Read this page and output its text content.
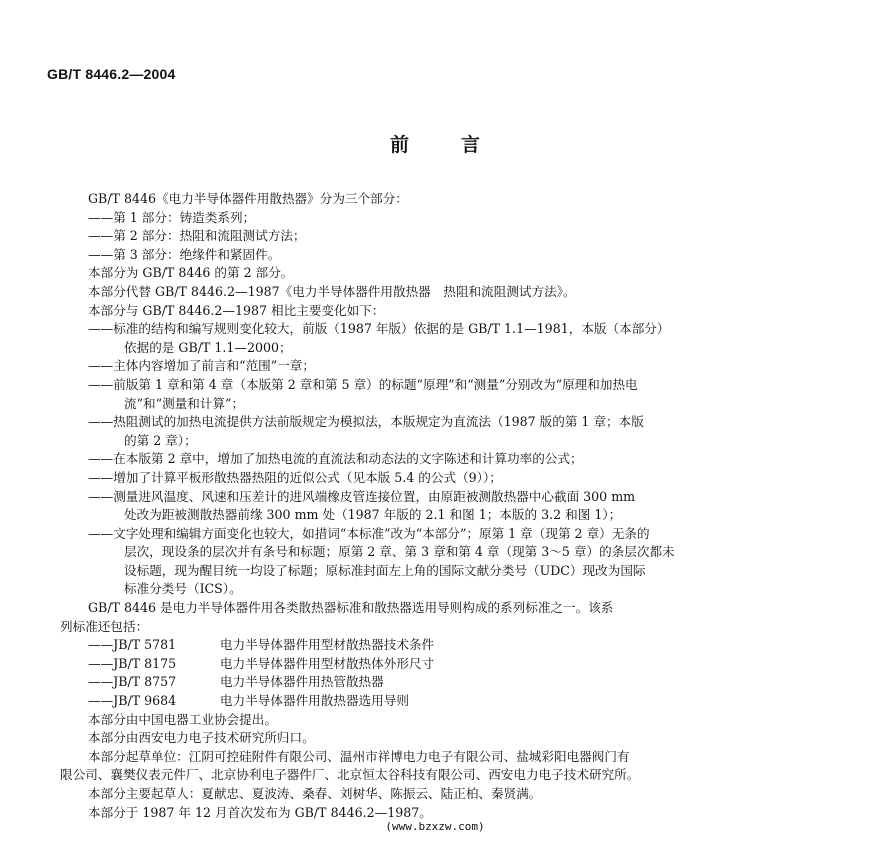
GB/T 8446.2—2004
前言

GB/T 8446《电力半导体器件用散热器》分为三个部分：

——第 1 部分：铸造类系列；

——第 2 部分：热阻和流阻测试方法；

——第 3 部分：绝缘件和紧固件。

本部分为 GB/T 8446 的第 2 部分。

本部分代替 GB/T 8446.2—1987《电力半导体器件用散热器　热阻和流阻测试方法》。

本部分与 GB/T 8446.2—1987 相比主要变化如下：

——标准的结构和编写规则变化较大，前版（1987 年版）依据的是 GB/T 1.1—1981，本版（本部分）

依据的是 GB/T 1.1—2000；

——主体内容增加了前言和“范围”一章；

——前版第 1 章和第 4 章（本版第 2 章和第 5 章）的标题“原理”和“测量”分别改为“原理和加热电

流”和“测量和计算”；

——热阻测试的加热电流提供方法前版规定为模拟法，本版规定为直流法（1987 版的第 1 章；本版

的第 2 章）；

——在本版第 2 章中，增加了加热电流的直流法和动态法的文字陈述和计算功率的公式；

——增加了计算平板形散热器热阻的近似公式（见本版 5.4 的公式（9））；

——测量进风温度、风速和压差计的进风端橡皮管连接位置，由原距被测散热器中心截面 300 mm

处改为距被测散热器前缘 300 mm 处（1987 年版的 2.1 和图 1；本版的 3.2 和图 1）；

——文字处理和编辑方面变化也较大，如措词“本标准”改为“本部分”；原第 1 章（现第 2 章）无条的

层次，现设条的层次并有条号和标题；原第 2 章、第 3 章和第 4 章（现第 3～5 章）的条层次都未

设标题，现为醒目统一均设了标题；原标准封面左上角的国际文献分类号（UDC）现改为国际

标准分类号（ICS）。

GB/T 8446 是电力半导体器件用各类散热器标准和散热器选用导则构成的系列标准之一。该系

列标准还包括：

——JB/T 5781	电力半导体器件用型材散热器技术条件

——JB/T 8175	电力半导体器件用型材散热体外形尺寸

——JB/T 8757	电力半导体器件用热管散热器

——JB/T 9684	电力半导体器件用散热器选用导则

本部分由中国电器工业协会提出。

本部分由西安电力电子技术研究所归口。

本部分起草单位：江阴可控硅附件有限公司、温州市祥博电力电子有限公司、盐城彩阳电器阀门有

限公司、襄樊仪表元件厂、北京协利电子器件厂、北京恒太谷科技有限公司、西安电力电子技术研究所。

本部分主要起草人：夏献忠、夏波涛、桑春、刘树华、陈振云、陆正柏、秦贤满。

本部分于 1987 年 12 月首次发布为 GB/T 8446.2—1987。

(www.bzxzw.com)
